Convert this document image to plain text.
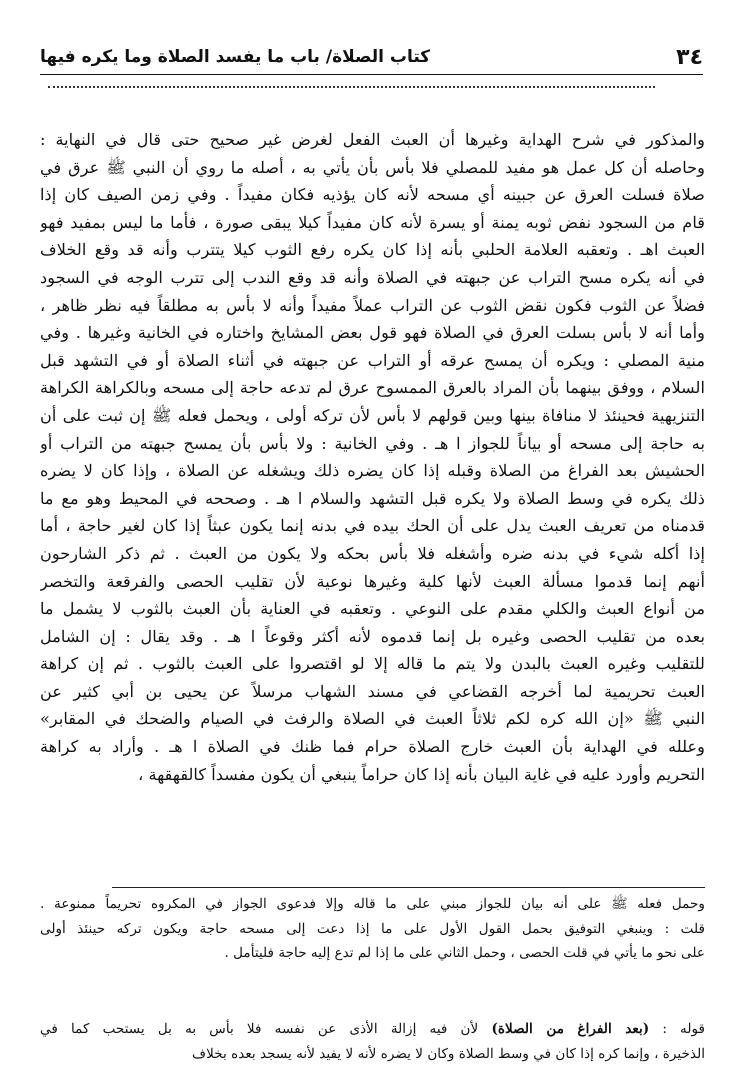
٣٤
كتاب الصلاة/ باب ما يفسد الصلاة وما يكره فيها
والمذكور في شرح الهداية وغيرها أن العبث الفعل لغرض غير صحيح حتى قال في النهاية :
وحاصله أن كل عمل هو مفيد للمصلي فلا بأس بأن يأتي به ، أصله ما روي أن النبي ﷺ عرق في
صلاة فسلت العرق عن جبينه أي مسحه لأنه كان يؤذيه فكان مفيداً . وفي زمن الصيف كان إذا
قام من السجود نفض ثوبه يمنة أو يسرة لأنه كان مفيداً كيلا يبقى صورة ، فأما ما ليس بمفيد فهو
العبث اهـ . وتعقبه العلامة الحلبي بأنه إذا كان يكره رفع الثوب كيلا يتترب وأنه قد وقع الخلاف
في أنه يكره مسح التراب عن جبهته في الصلاة وأنه قد وقع الندب إلى تترب الوجه في السجود
فضلاً عن الثوب فكون نقض الثوب عن التراب عملاً مفيداً وأنه لا بأس به مطلقاً فيه نظر ظاهر ،
وأما أنه لا بأس بسلت العرق في الصلاة فهو قول بعض المشايخ واختاره في الخانية وغيرها . وفي
منية المصلي : ويكره أن يمسح عرقه أو التراب عن جبهته في أثناء الصلاة أو في التشهد قبل
السلام ، ووفق بينهما بأن المراد بالعرق الممسوح عرق لم تدعه حاجة إلى مسحه وبالكراهة الكراهة
التنزيهية فحينئذ لا منافاة بينها وبين قولهم لا بأس لأن تركه أولى ، ويحمل فعله ﷺ إن ثبت على أن
به حاجة إلى مسحه أو بياناً للجواز ا هـ . وفي الخانية : ولا بأس بأن يمسح جبهته من التراب أو
الحشيش بعد الفراغ من الصلاة وقبله إذا كان يضره ذلك ويشغله عن الصلاة ، وإذا كان لا يضره
ذلك يكره في وسط الصلاة ولا يكره قبل التشهد والسلام ا هـ . وصححه في المحيط وهو مع ما
قدمناه من تعريف العبث يدل على أن الحك بيده في بدنه إنما يكون عبثاً إذا كان لغير حاجة ، أما
إذا أكله شيء في بدنه ضره وأشغله فلا بأس بحكه ولا يكون من العبث . ثم ذكر الشارحون
أنهم إنما قدموا مسألة العبث لأنها كلية وغيرها نوعية لأن تقليب الحصى والفرقعة والتخصر
من أنواع العبث والكلي مقدم على النوعي . وتعقبه في العناية بأن العبث بالثوب لا يشمل ما
بعده من تقليب الحصى وغيره بل إنما قدموه لأنه أكثر وقوعاً ا هـ . وقد يقال : إن الشامل
للتقليب وغيره العبث بالبدن ولا يتم ما قاله إلا لو اقتصروا على العبث بالثوب . ثم إن كراهة
العبث تحريمية لما أخرجه القضاعي في مسند الشهاب مرسلاً عن يحيى بن أبي كثير عن
النبي ﷺ «إن الله كره لكم ثلاثاً العبث في الصلاة والرفث في الصيام والضحك في المقابر»
وعلله في الهداية بأن العبث خارج الصلاة حرام فما ظنك في الصلاة ا هـ . وأراد به كراهة
التحريم وأورد عليه في غاية البيان بأنه إذا كان حراماً ينبغي أن يكون مفسداً كالقهقهة ،
وحمل فعله ﷺ على أنه بيان للجواز مبني على ما قاله وإلا فدعوى الجواز في المكروه تحريماً ممنوعة .
قلت : وينبغي التوفيق بحمل القول الأول على ما إذا دعت إلى مسحه حاجة ويكون تركه حينئذ أولى
على نحو ما يأتي في قلت الحصى ، وحمل الثاني على ما إذا لم تدع إليه حاجة فليتأمل .
قوله : (بعد الفراغ من الصلاة) لأن فيه إزالة الأذى عن نفسه فلا بأس به بل يستحب كما في
الذخيرة ، وإنما كره إذا كان في وسط الصلاة وكان لا يضره لأنه لا يفيد لأنه يسجد بعده بخلاف
